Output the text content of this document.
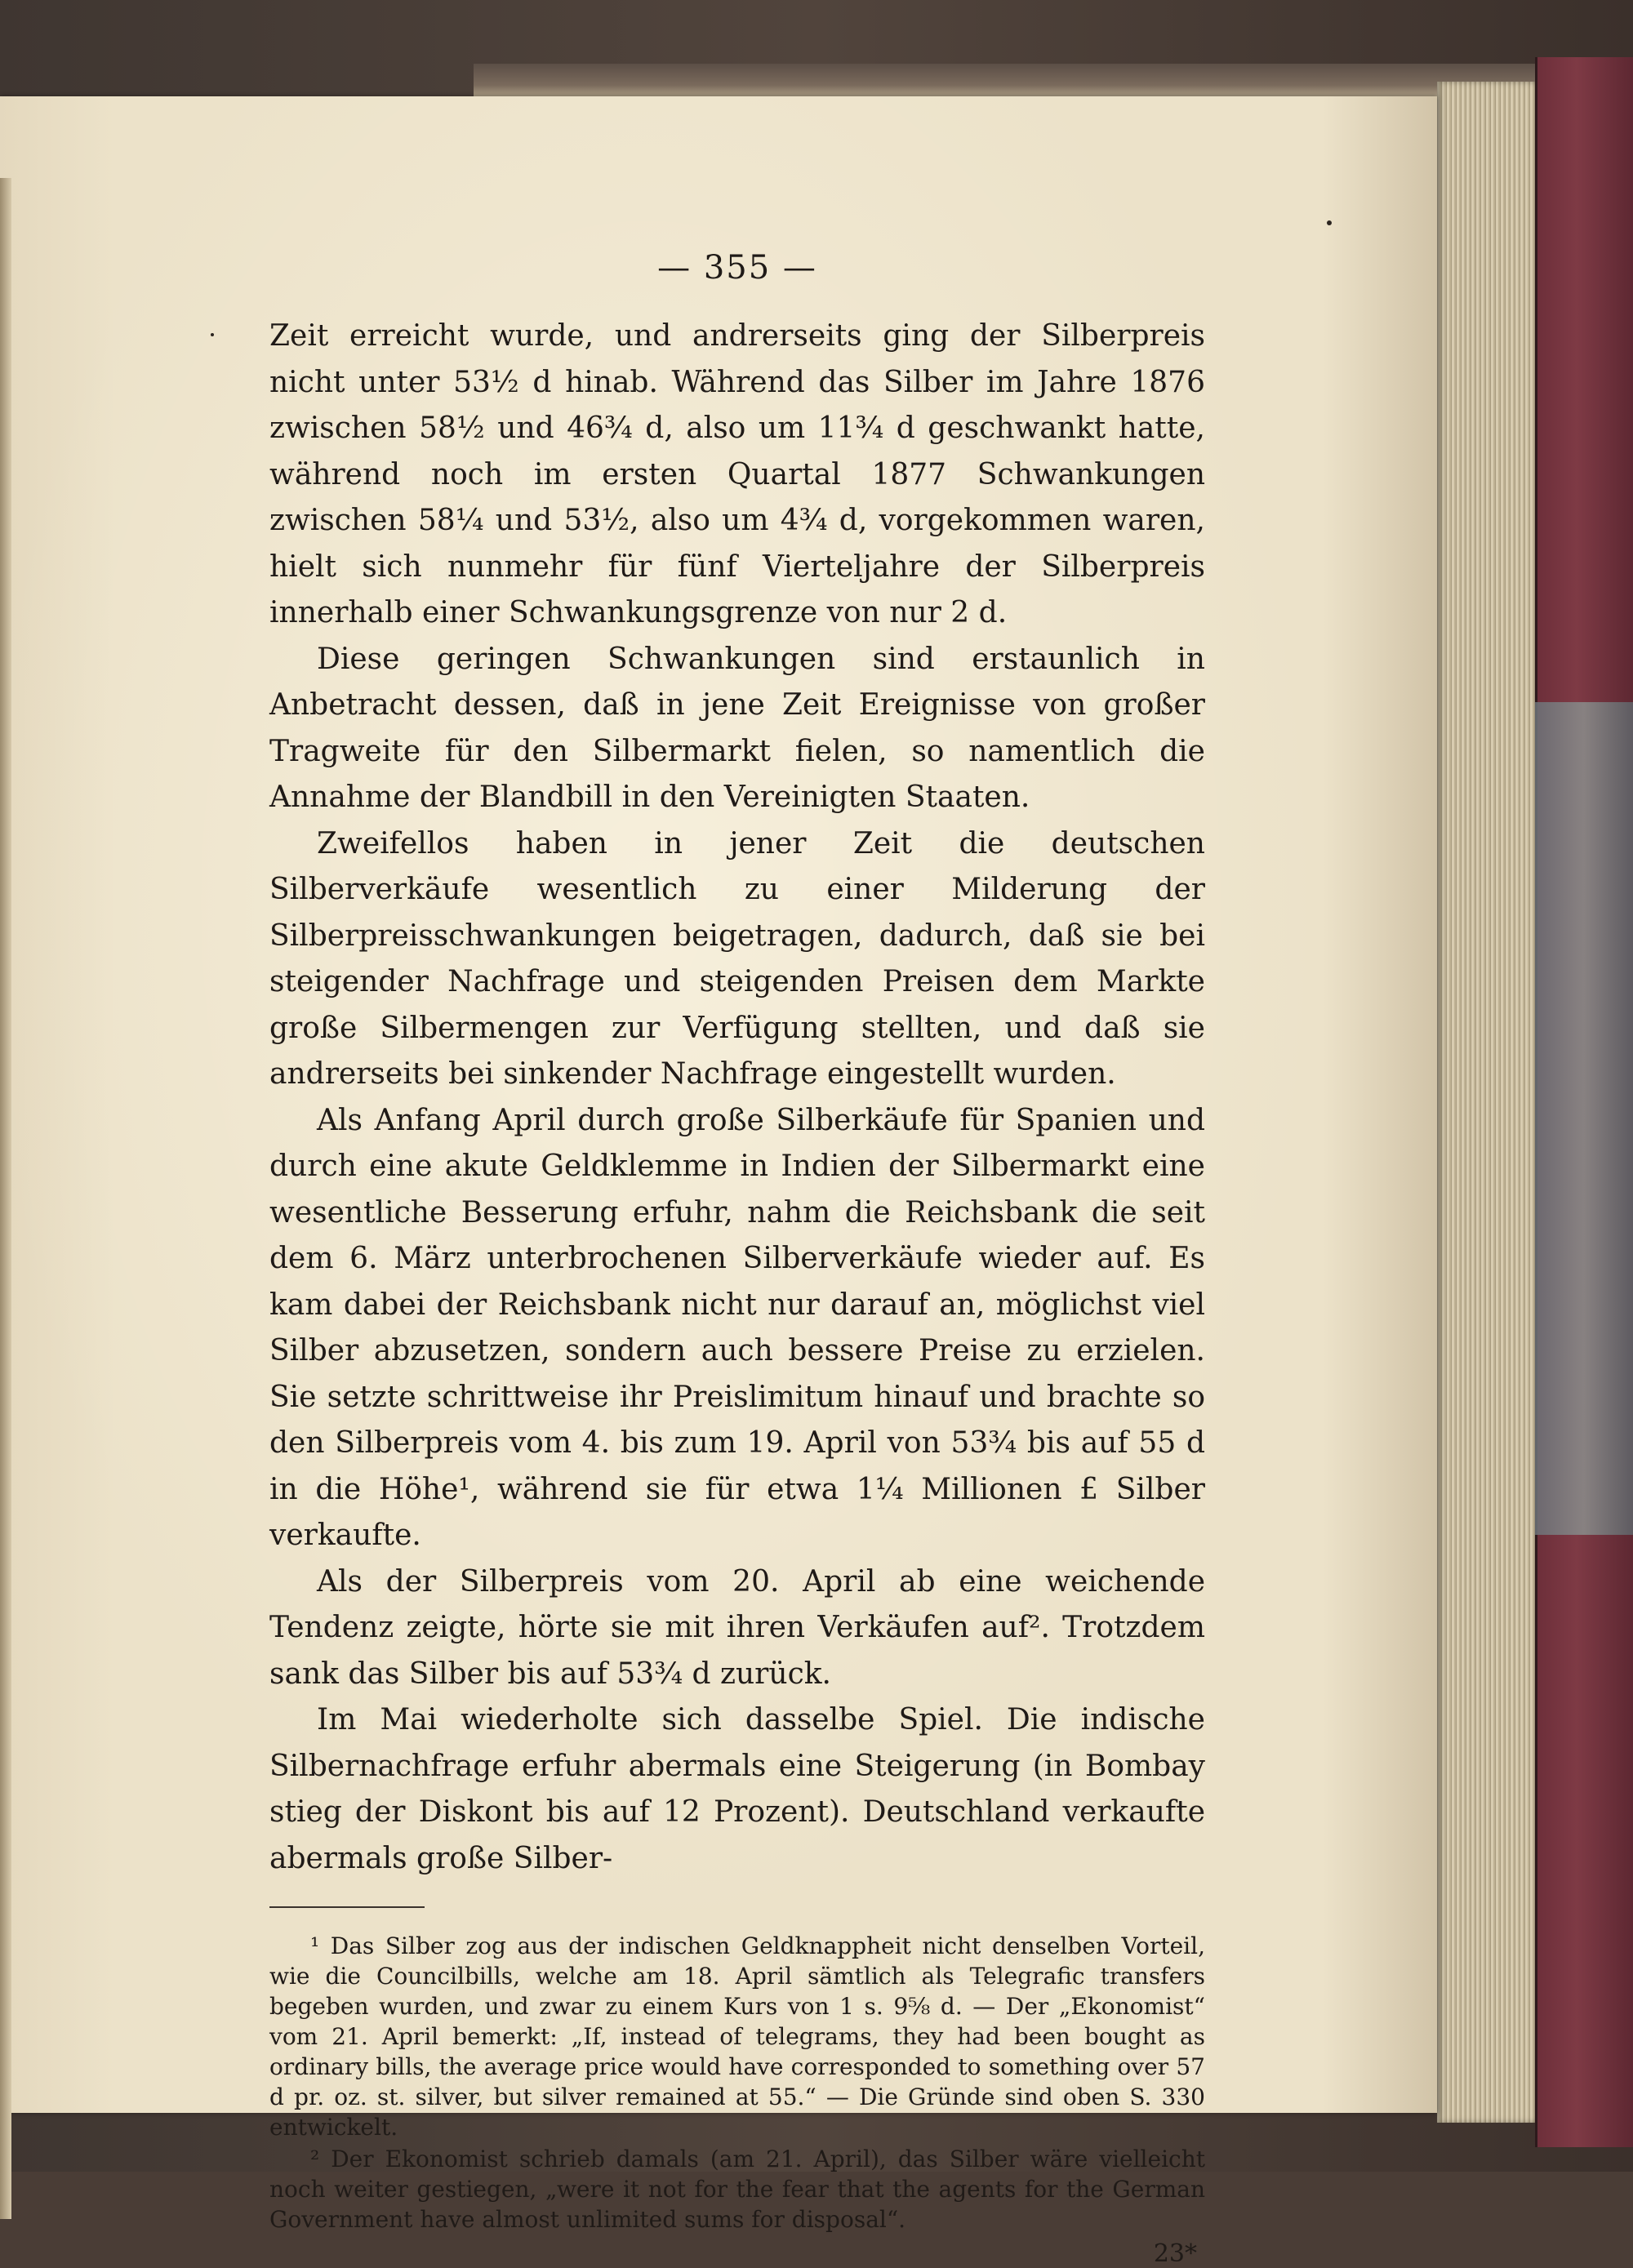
— 355 —

Zeit erreicht wurde, und andrerseits ging der Silberpreis nicht unter 53½ d hinab. Während das Silber im Jahre 1876 zwischen 58½ und 46¾ d, also um 11¾ d geschwankt hatte, während noch im ersten Quartal 1877 Schwankungen zwischen 58¼ und 53½, also um 4¾ d, vorgekommen waren, hielt sich nunmehr für fünf Vierteljahre der Silberpreis innerhalb einer Schwankungsgrenze von nur 2 d.

Diese geringen Schwankungen sind erstaunlich in Anbetracht dessen, daß in jene Zeit Ereignisse von großer Tragweite für den Silbermarkt fielen, so namentlich die Annahme der Blandbill in den Vereinigten Staaten.

Zweifellos haben in jener Zeit die deutschen Silberverkäufe wesentlich zu einer Milderung der Silberpreisschwankungen beigetragen, dadurch, daß sie bei steigender Nachfrage und steigenden Preisen dem Markte große Silbermengen zur Verfügung stellten, und daß sie andrerseits bei sinkender Nachfrage eingestellt wurden.

Als Anfang April durch große Silberkäufe für Spanien und durch eine akute Geldklemme in Indien der Silbermarkt eine wesentliche Besserung erfuhr, nahm die Reichsbank die seit dem 6. März unterbrochenen Silberverkäufe wieder auf. Es kam dabei der Reichsbank nicht nur darauf an, möglichst viel Silber abzusetzen, sondern auch bessere Preise zu erzielen. Sie setzte schrittweise ihr Preislimitum hinauf und brachte so den Silberpreis vom 4. bis zum 19. April von 53¾ bis auf 55 d in die Höhe¹, während sie für etwa 1¼ Millionen £ Silber verkaufte.

Als der Silberpreis vom 20. April ab eine weichende Tendenz zeigte, hörte sie mit ihren Verkäufen auf². Trotzdem sank das Silber bis auf 53¾ d zurück.

Im Mai wiederholte sich dasselbe Spiel. Die indische Silbernachfrage erfuhr abermals eine Steigerung (in Bombay stieg der Diskont bis auf 12 Prozent). Deutschland verkaufte abermals große Silber-

¹ Das Silber zog aus der indischen Geldknappheit nicht denselben Vorteil, wie die Councilbills, welche am 18. April sämtlich als Telegrafic transfers begeben wurden, und zwar zu einem Kurs von 1 s. 9⅝ d. — Der „Ekonomist“ vom 21. April bemerkt: „If, instead of telegrams, they had been bought as ordinary bills, the average price would have corresponded to something over 57 d pr. oz. st. silver, but silver remained at 55.“ — Die Gründe sind oben S. 330 entwickelt.

² Der Ekonomist schrieb damals (am 21. April), das Silber wäre vielleicht noch weiter gestiegen, „were it not for the fear that the agents for the German Government have almost unlimited sums for disposal“.

23*
